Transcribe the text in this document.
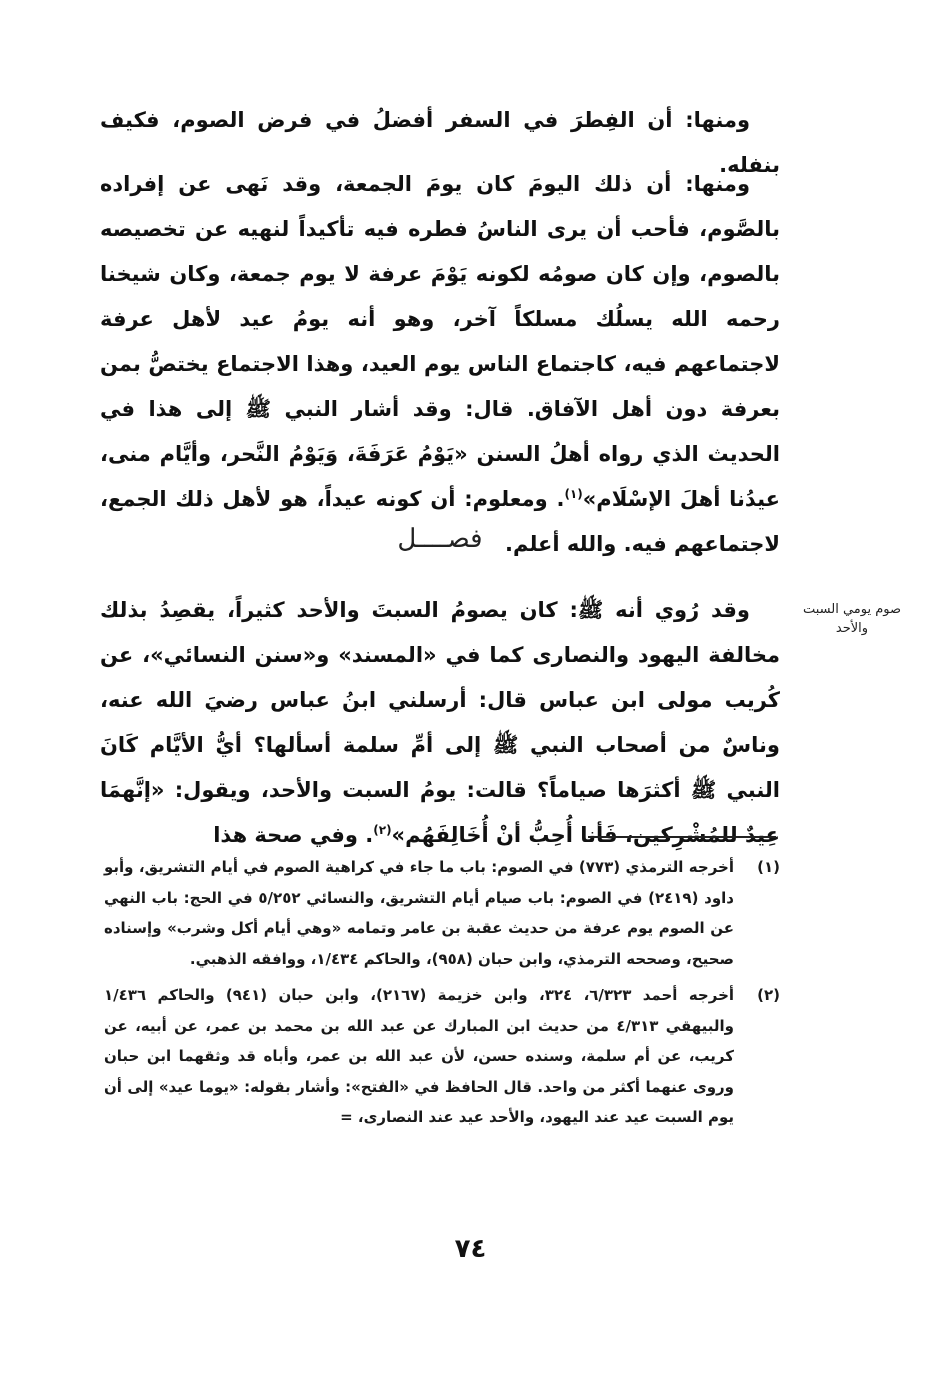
ومنها: أن الفِطرَ في السفر أفضلُ في فرض الصوم، فكيف بنفله.

ومنها: أن ذلك اليومَ كان يومَ الجمعة، وقد نَهى عن إفراده بالصَّوم، فأحب أن يرى الناسُ فطره فيه تأكيداً لنهيه عن تخصيصه بالصوم، وإن كان صومُه لكونه يَوْمَ عرفة لا يوم جمعة، وكان شيخنا رحمه الله يسلُك مسلكاً آخر، وهو أنه يومُ عيد لأهل عرفة لاجتماعهم فيه، كاجتماع الناس يوم العيد، وهذا الاجتماع يختصُّ بمن بعرفة دون أهل الآفاق. قال: وقد أشار النبي ﷺ إلى هذا في الحديث الذي رواه أهلُ السنن «يَوْمُ عَرَفَةَ، وَيَوْمُ النَّحر، وأيَّام منى، عيدُنا أهلَ الإسْلَام»$^{(١)}$. ومعلوم: أن كونه عيداً، هو لأهل ذلك الجمع، لاجتماعهم فيه. والله أعلم.

فصــــل
صوم يومي السبت والأحد

وقد رُوي أنه ﷺ: كان يصومُ السبتَ والأحد كثيراً، يقصِدُ بذلك مخالفة اليهود والنصارى كما في «المسند» و«سنن النسائي»، عن كُريب مولى ابن عباس قال: أرسلني ابنُ عباس رضيَ الله عنه، وناسٌ من أصحاب النبي ﷺ إلى أمِّ سلمة أسألها؟ أيُّ الأيَّام كَانَ النبي ﷺ أكثرَها صياماً؟ قالت: يومُ السبت والأحد، ويقول: «إنَّهمَا عِيدٌ للمُشْرِكين، فَأنا أُحِبُّ أنْ أُخَالِفَهُم»$^{(٢)}$. وفي صحة هذا

(١)
أخرجه الترمذي (٧٧٣) في الصوم: باب ما جاء في كراهية الصوم في أيام التشريق، وأبو داود (٢٤١٩) في الصوم: باب صيام أيام التشريق، والنسائي ٥/٢٥٢ في الحج: باب النهي عن الصوم يوم عرفة من حديث عقبة بن عامر وتمامه «وهي أيام أكل وشرب» وإسناده صحيح، وصححه الترمذي، وابن حبان (٩٥٨)، والحاكم ١/٤٣٤، ووافقه الذهبي.
(٢)
أخرجه أحمد ٦/٣٢٣، ٣٢٤، وابن خزيمة (٢١٦٧)، وابن حبان (٩٤١) والحاكم ١/٤٣٦ والبيهقي ٤/٣١٣ من حديث ابن المبارك عن عبد الله بن محمد بن عمر، عن أبيه، عن كريب، عن أم سلمة، وسنده حسن، لأن عبد الله بن عمر، وأباه قد وثقهما ابن حبان وروى عنهما أكثر من واحد. قال الحافظ في «الفتح»: وأشار بقوله: «يوما عيد» إلى أن يوم السبت عيد عند اليهود، والأحد عيد عند النصارى، =
٧٤
